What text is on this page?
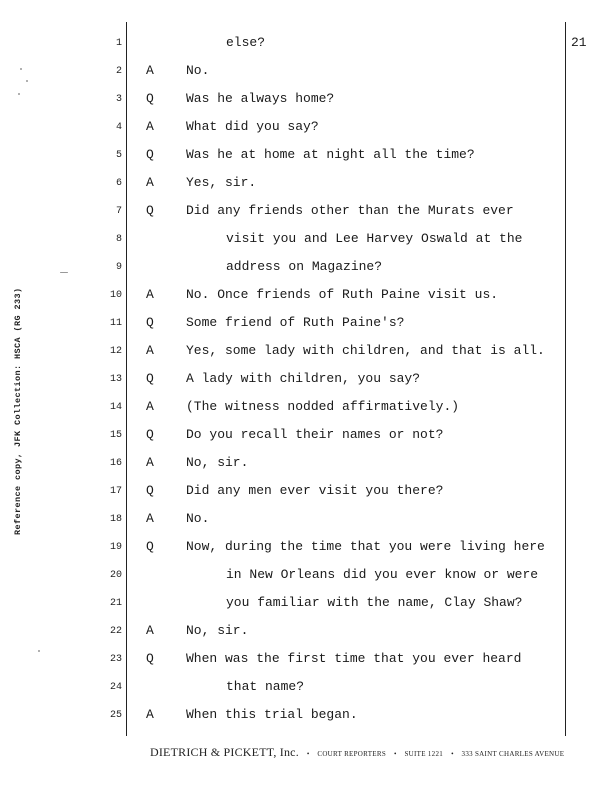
Reference copy, JFK Collection: HSCA (RG 233)
21
1	else?
2 A No.
3 Q Was he always home?
4 A What did you say?
5 Q Was he at home at night all the time?
6 A Yes, sir.
7 Q Did any friends other than the Murats ever
8	visit you and Lee Harvey Oswald at the
9	address on Magazine?
10 A No. Once friends of Ruth Paine visit us.
11 Q Some friend of Ruth Paine's?
12 A Yes, some lady with children, and that is all.
13 Q A lady with children, you say?
14 A (The witness nodded affirmatively.)
15 Q Do you recall their names or not?
16 A No, sir.
17 Q Did any men ever visit you there?
18 A No.
19 Q Now, during the time that you were living here
20	in New Orleans did you ever know or were
21	you familiar with the name, Clay Shaw?
22 A No, sir.
23 Q When was the first time that you ever heard
24	that name?
25 A When this trial began.
DIETRICH & PICKETT, Inc. • COURT REPORTERS • SUITE 1221 • 333 SAINT CHARLES AVENUE
